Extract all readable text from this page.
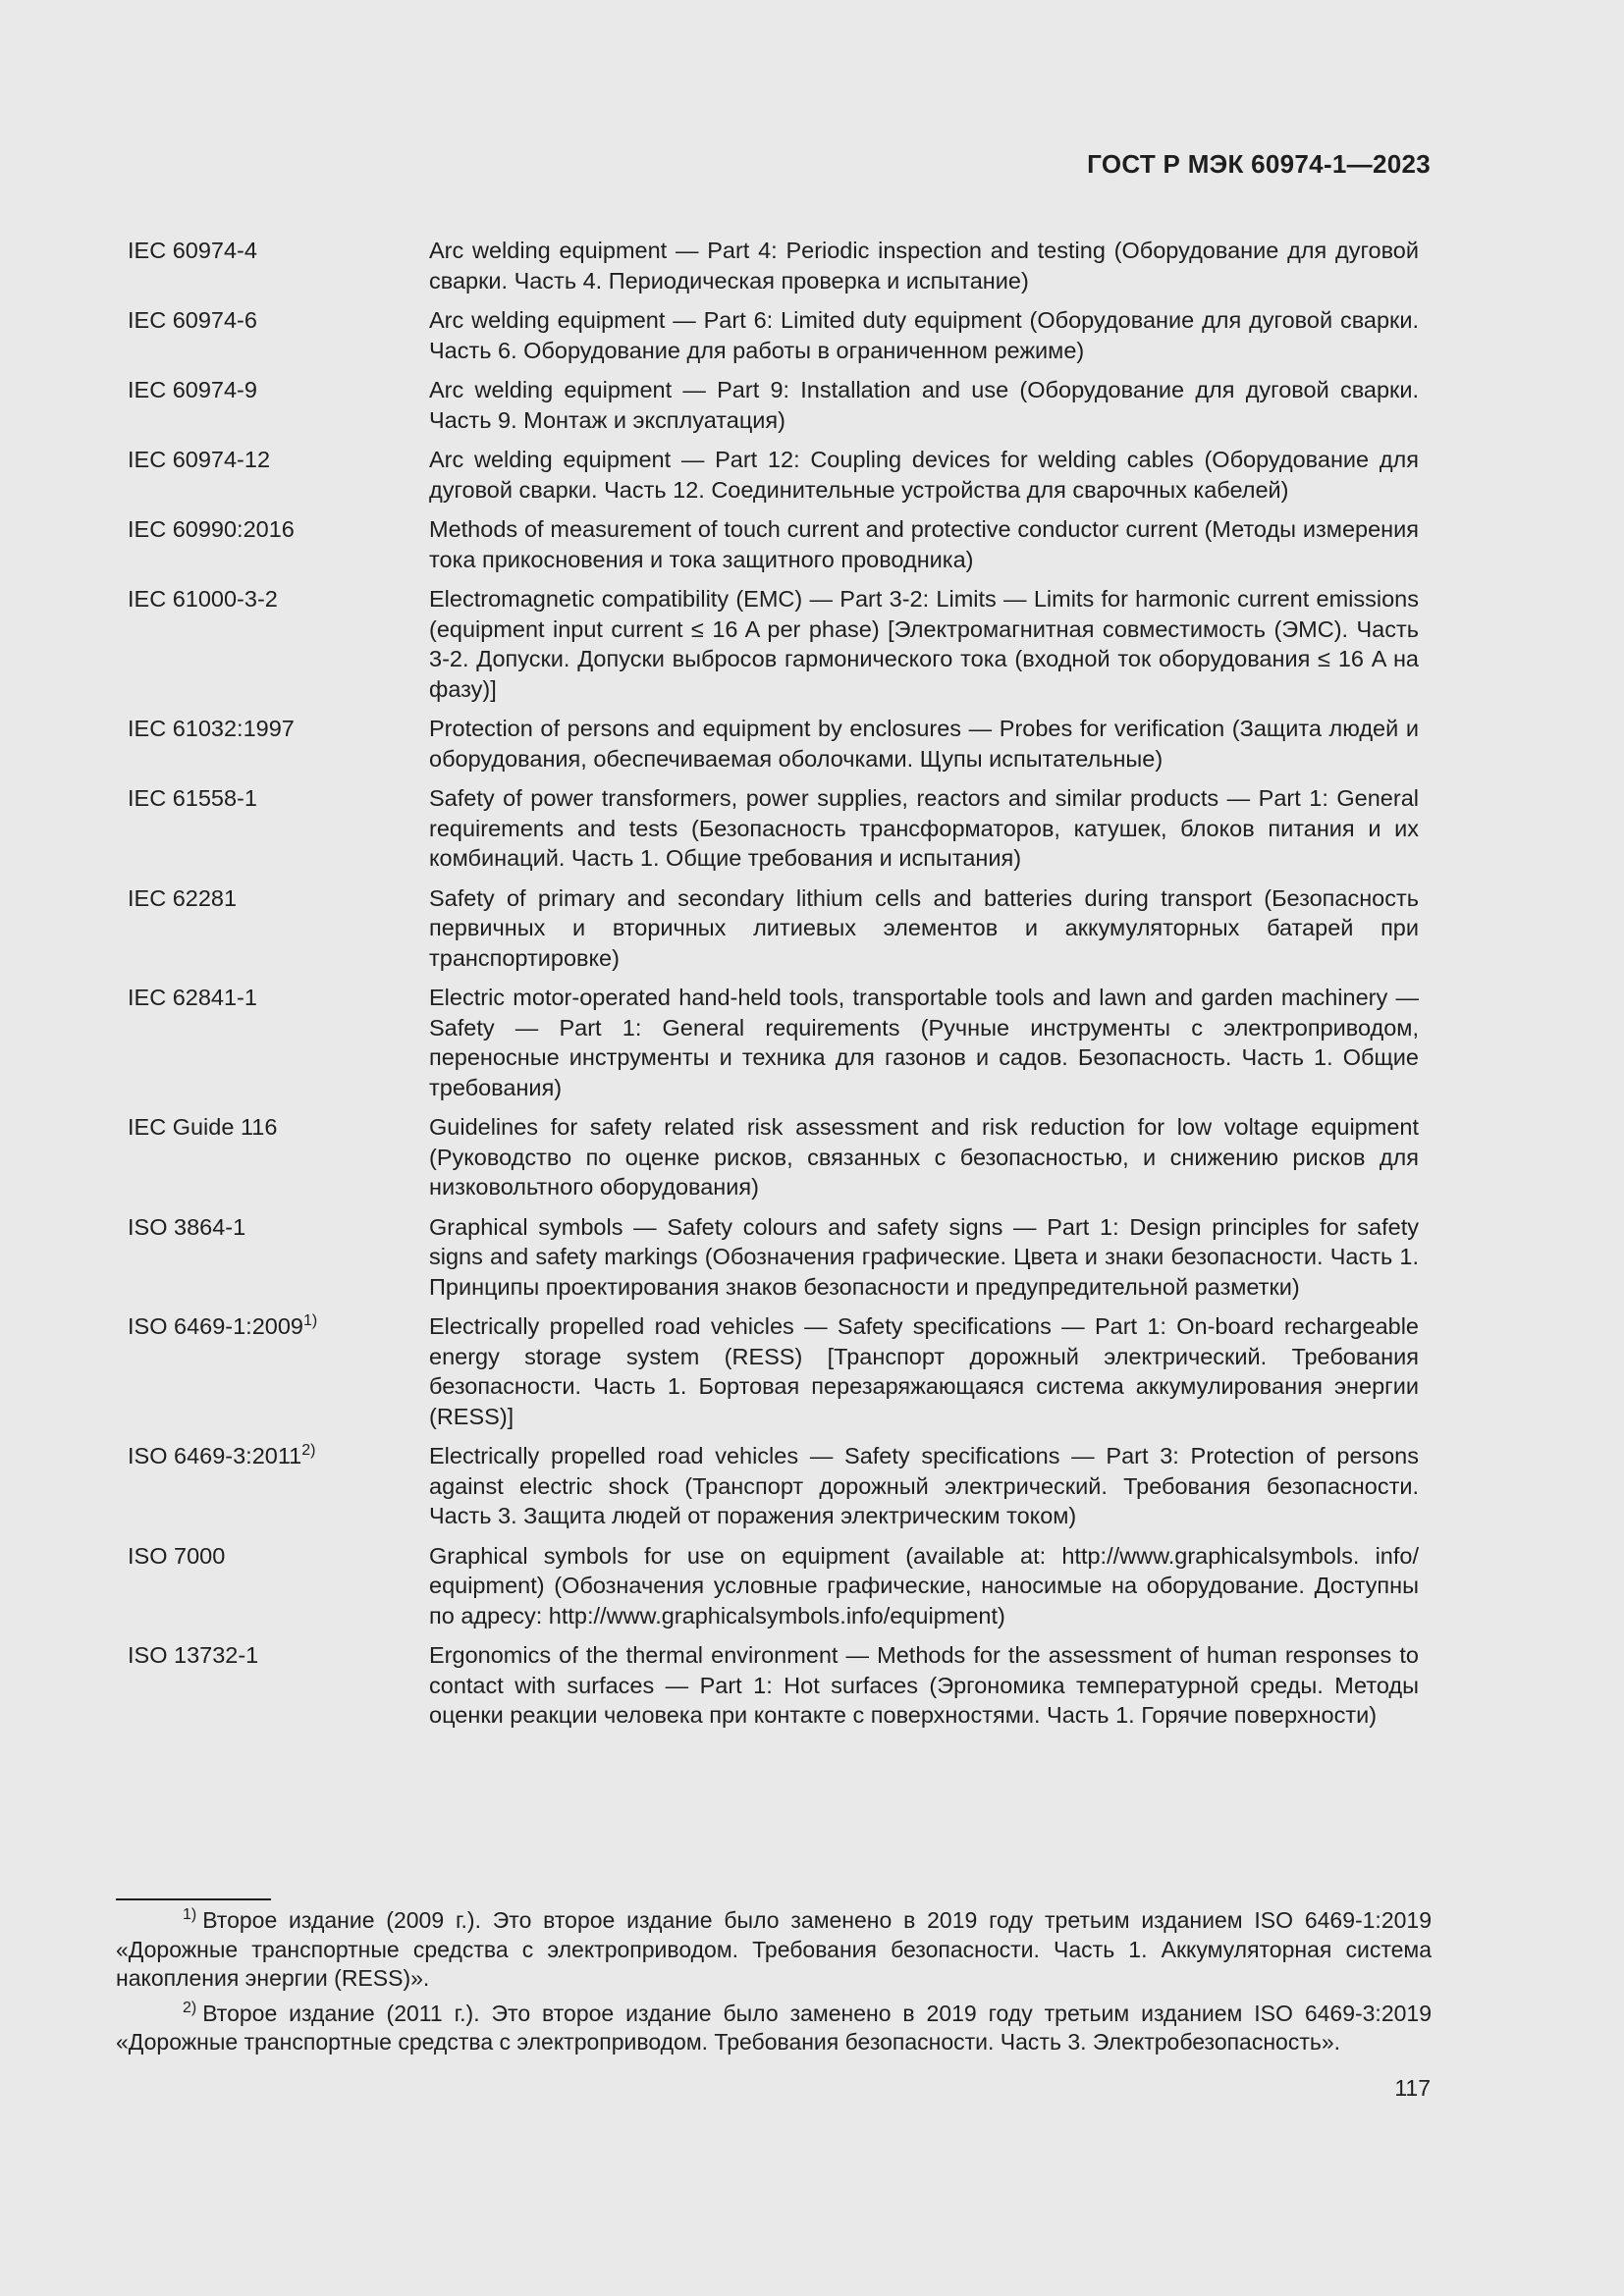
ГОСТ Р МЭК 60974-1—2023
IEC 60974-4	Arc welding equipment — Part 4: Periodic inspection and testing (Оборудование для дуговой сварки. Часть 4. Периодическая проверка и испытание)
IEC 60974-6	Arc welding equipment — Part 6: Limited duty equipment (Оборудование для дуговой сварки. Часть 6. Оборудование для работы в ограниченном режиме)
IEC 60974-9	Arc welding equipment — Part 9: Installation and use (Оборудование для дуговой сварки. Часть 9. Монтаж и эксплуатация)
IEC 60974-12	Arc welding equipment — Part 12: Coupling devices for welding cables (Оборудование для дуговой сварки. Часть 12. Соединительные устройства для сварочных кабелей)
IEC 60990:2016	Methods of measurement of touch current and protective conductor current (Методы измерения тока прикосновения и тока защитного проводника)
IEC 61000-3-2	Electromagnetic compatibility (EMC) — Part 3-2: Limits — Limits for harmonic current emissions (equipment input current ≤ 16 A per phase) [Электромагнитная совместимость (ЭМС). Часть 3-2. Допуски. Допуски выбросов гармонического тока (входной ток оборудования ≤ 16 A на фазу)]
IEC 61032:1997	Protection of persons and equipment by enclosures — Probes for verification (Защита людей и оборудования, обеспечиваемая оболочками. Щупы испытательные)
IEC 61558-1	Safety of power transformers, power supplies, reactors and similar products — Part 1: General requirements and tests (Безопасность трансформаторов, катушек, блоков питания и их комбинаций. Часть 1. Общие требования и испытания)
IEC 62281	Safety of primary and secondary lithium cells and batteries during transport (Безопасность первичных и вторичных литиевых элементов и аккумуляторных батарей при транспортировке)
IEC 62841-1	Electric motor-operated hand-held tools, transportable tools and lawn and garden machinery — Safety — Part 1: General requirements (Ручные инструменты с электроприводом, переносные инструменты и техника для газонов и садов. Безопасность. Часть 1. Общие требования)
IEC Guide 116	Guidelines for safety related risk assessment and risk reduction for low voltage equipment (Руководство по оценке рисков, связанных с безопасностью, и снижению рисков для низковольтного оборудования)
ISO 3864-1	Graphical symbols — Safety colours and safety signs — Part 1: Design principles for safety signs and safety markings (Обозначения графические. Цвета и знаки безопасности. Часть 1. Принципы проектирования знаков безопасности и предупредительной разметки)
ISO 6469-1:2009$^{1)}$	Electrically propelled road vehicles — Safety specifications — Part 1: On-board rechargeable energy storage system (RESS) [Транспорт дорожный электрический. Требования безопасности. Часть 1. Бортовая перезаряжающаяся система аккумулирования энергии (RESS)]
ISO 6469-3:2011$^{2)}$	Electrically propelled road vehicles — Safety specifications — Part 3: Protection of persons against electric shock (Транспорт дорожный электрический. Требования безопасности. Часть 3. Защита людей от поражения электрическим током)
ISO 7000	Graphical symbols for use on equipment (available at: http://www.graphicalsymbols. info/ equipment) (Обозначения условные графические, наносимые на оборудование. Доступны по адресу: http://www.graphicalsymbols.info/equipment)
ISO 13732-1	Ergonomics of the thermal environment — Methods for the assessment of human responses to contact with surfaces — Part 1: Hot surfaces (Эргономика температурной среды. Методы оценки реакции человека при контакте с поверхностями. Часть 1. Горячие поверхности)
$^{1)}$ Второе издание (2009 г.). Это второе издание было заменено в 2019 году третьим изданием ISO 6469-1:2019 «Дорожные транспортные средства с электроприводом. Требования безопасности. Часть 1. Аккумуляторная система накопления энергии (RESS)».
$^{2)}$ Второе издание (2011 г.). Это второе издание было заменено в 2019 году третьим изданием ISO 6469-3:2019 «Дорожные транспортные средства с электроприводом. Требования безопасности. Часть 3. Электробезопасность».
117
